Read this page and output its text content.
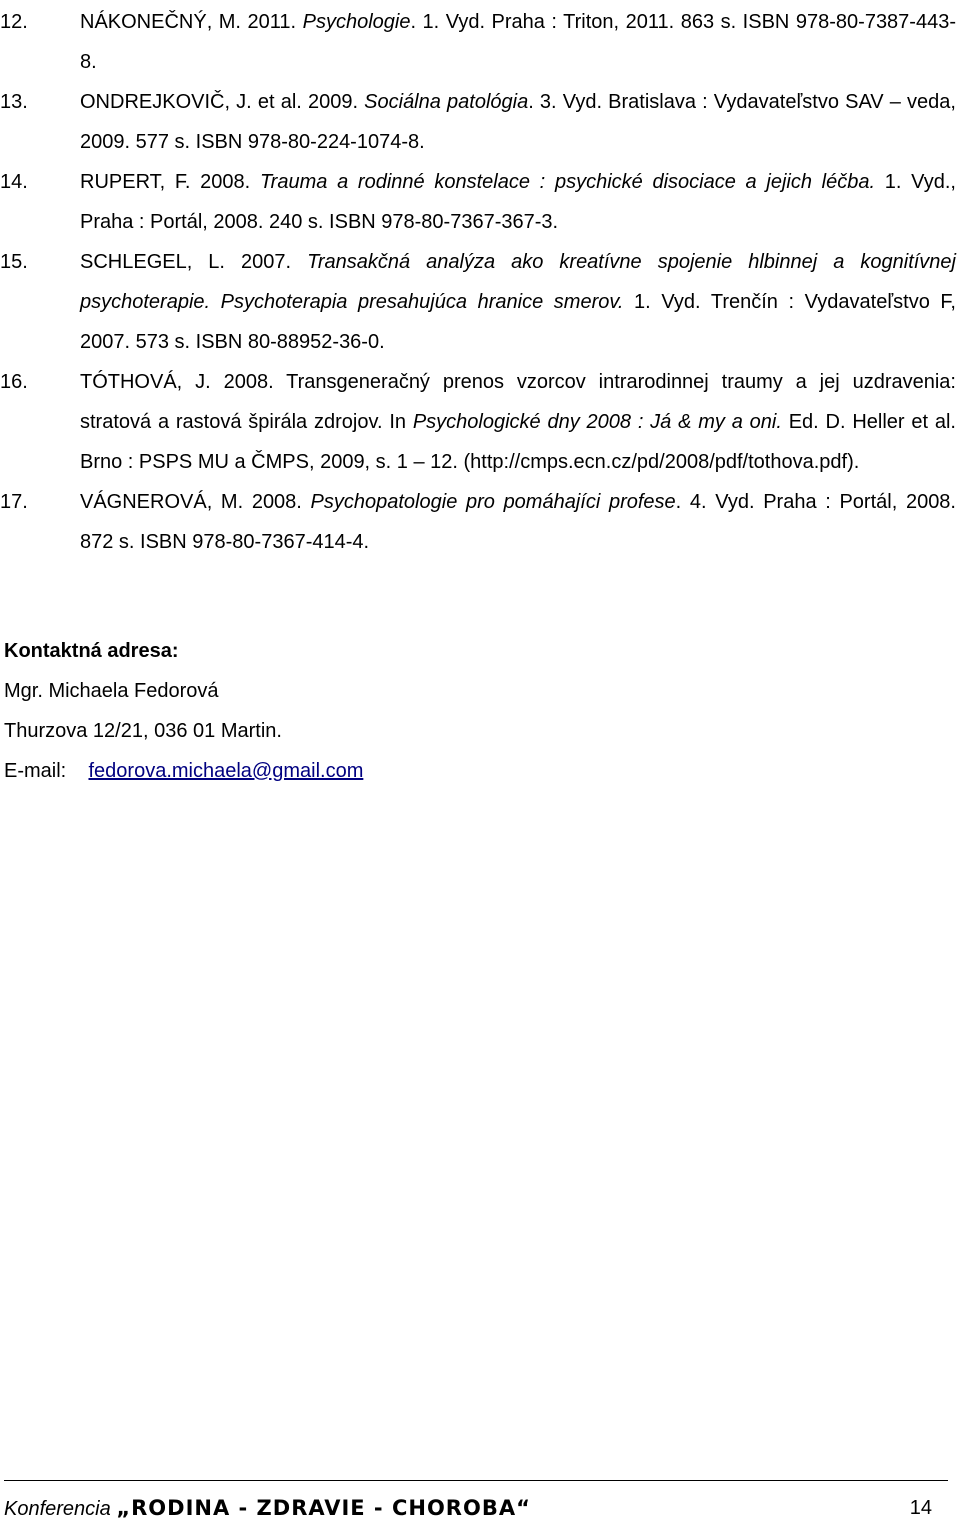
12.	NÁKONEČNÝ, M. 2011. Psychologie. 1. Vyd. Praha : Triton, 2011. 863 s. ISBN 978-80-7387-443-8.
13.	ONDREJKOVIČ, J. et al. 2009. Sociálna patológia. 3. Vyd. Bratislava : Vydavateľstvo SAV – veda, 2009. 577 s. ISBN 978-80-224-1074-8.
14.	RUPERT, F. 2008. Trauma a rodinné konstelace : psychické disociace a jejich léčba. 1. Vyd., Praha : Portál, 2008. 240 s. ISBN 978-80-7367-367-3.
15.	SCHLEGEL, L. 2007. Transakčná analýza ako kreatívne spojenie hlbinnej a kognitívnej psychoterapie. Psychoterapia presahujúca hranice smerov. 1. Vyd. Trenčín : Vydavateľstvo F, 2007. 573 s. ISBN 80-88952-36-0.
16.	TÓTHOVÁ, J. 2008. Transgeneračný prenos vzorcov intrarodinnej traumy a jej uzdravenia: stratová a rastová špirála zdrojov. In Psychologické dny 2008 : Já & my a oni. Ed. D. Heller et al. Brno : PSPS MU a ČMPS, 2009, s. 1 – 12. (http://cmps.ecn.cz/pd/2008/pdf/tothova.pdf).
17.	VÁGNEROVÁ, M. 2008. Psychopatologie pro pomáhajíci profese. 4. Vyd. Praha : Portál, 2008. 872 s. ISBN 978-80-7367-414-4.
Kontaktná adresa:
Mgr. Michaela Fedorová
Thurzova 12/21, 036 01 Martin.
E-mail: fedorova.michaela@gmail.com
Konferencia „RODINA - ZDRAVIE - CHOROBA“	14
